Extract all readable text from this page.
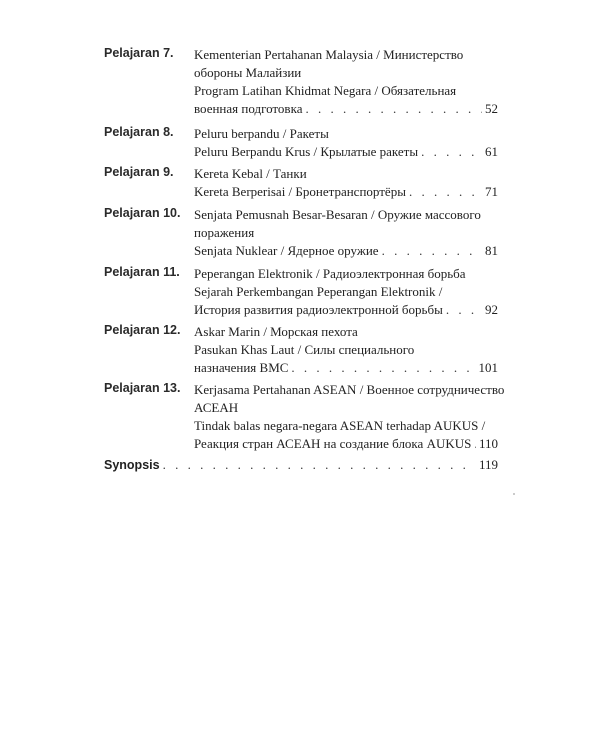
Pelajaran 7.	Kementerian Pertahanan Malaysia / Министерство
обороны Малайзии
Program Latihan Khidmat Negara / Обязательная
военная подготовка . . .	52
Pelajaran 8.	Peluru berpandu / Ракеты
Peluru Berpandu Krus / Крылатые ракеты . . .	61
Pelajaran 9.	Kereta Kebal / Танки
Kereta Berperisai / Бронетранспортёры . . .	71
Pelajaran 10.	Senjata Pemusnah Besar-Besaran / Оружие массового
поражения
Senjata Nuklear / Ядерное оружие . . .	81
Pelajaran 11.	Peperangan Elektronik / Радиоэлектронная борьба
Sejarah Perkembangan Peperangan Elektronik /
История развития радиоэлектронной борьбы . . .	92
Pelajaran 12.	Askar Marin / Морская пехота
Pasukan Khas Laut / Силы специального
назначения ВМС . . .	101
Pelajaran 13.	Kerjasama Pertahanan ASEAN / Военное сотрудничество
АСЕАН
Tindak balas negara-negara ASEAN terhadap AUKUS /
Реакция стран АСЕАН на создание блока AUKUS . . . 110
Synopsis . . .	119
